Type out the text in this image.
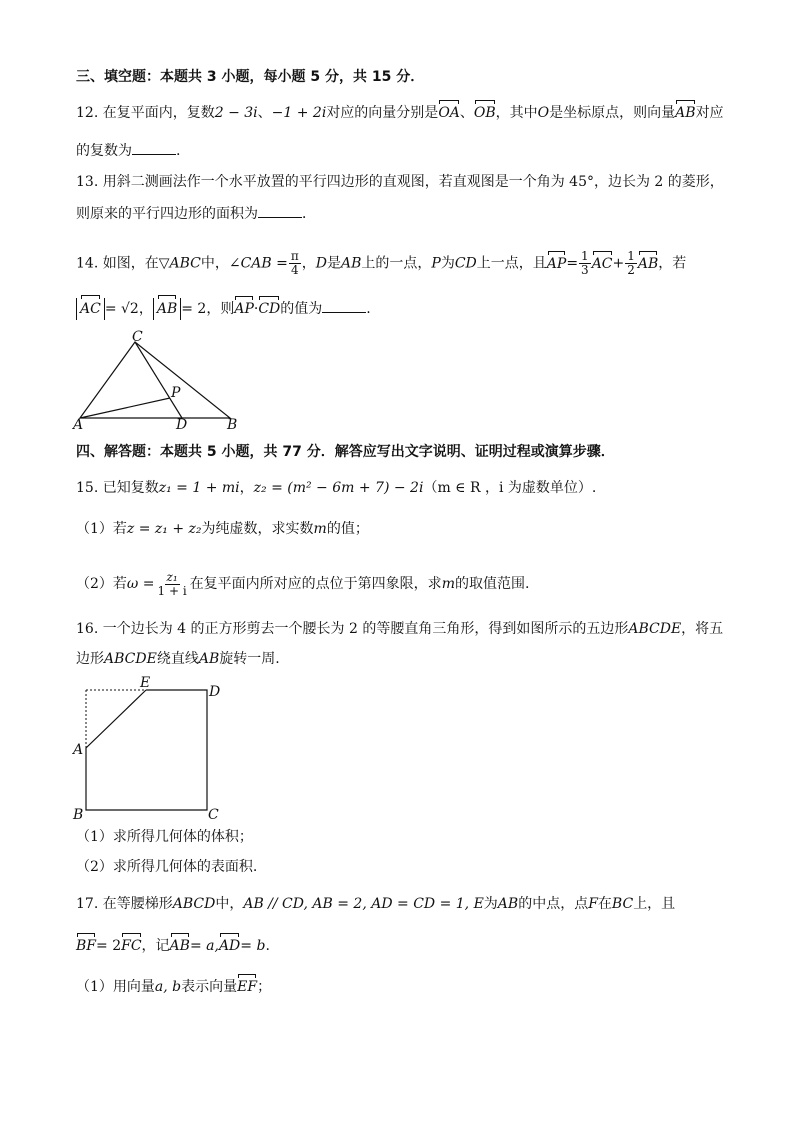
三、填空题：本题共 3 小题，每小题 5 分，共 15 分．
12. 在复平面内，复数2 − 3i、−1 + 2i对应的向量分别是OA、OB，其中O是坐标原点，则向量AB对应
的复数为	.
13. 用斜二测画法作一个水平放置的平行四边形的直观图，若直观图是一个角为 45°，边长为 2 的菱形，
则原来的平行四边形的面积为	．
14. 如图，在▽ABC中，∠CAB = $\frac{\pi}{4}$ ，D是AB上的一点，P为CD上一点，且$AP= \frac{1}{3} AC+ \frac{1}{2}$ AB，若
AC = √2， AB = 2，则AP·CD的值为	.
C
P
A	D	B
四、解答题：本题共 5 小题，共 77 分．解答应写出文字说明、证明过程或演算步骤．
15. 已知复数z₁ = 1 + mi，z₂ = (m² − 6m + 7) − 2i（m ∈ R ，i 为虚数单位）.
（1）若z = z₁ + z₂为纯虚数，求实数m的值；
（2）若$\omega = \frac{\text{z₁}}{1 + i}$ 在复平面内所对应的点位于第四象限，求m的取值范围.
16. 一个边长为 4 的正方形剪去一个腰长为 2 的等腰直角三角形，得到如图所示的五边形ABCDE，将五
边形ABCDE绕直线AB旋转一周.
E
D
A
B	C
（1）求所得几何体的体积；
（2）求所得几何体的表面积.
17. 在等腰梯形ABCD中，AB // CD, AB = 2, AD = CD = 1, E为AB的中点，点F在BC上，且
BF= 2FC，记AB= a,AD= b.
（1）用向量a, b表示向量EF；
